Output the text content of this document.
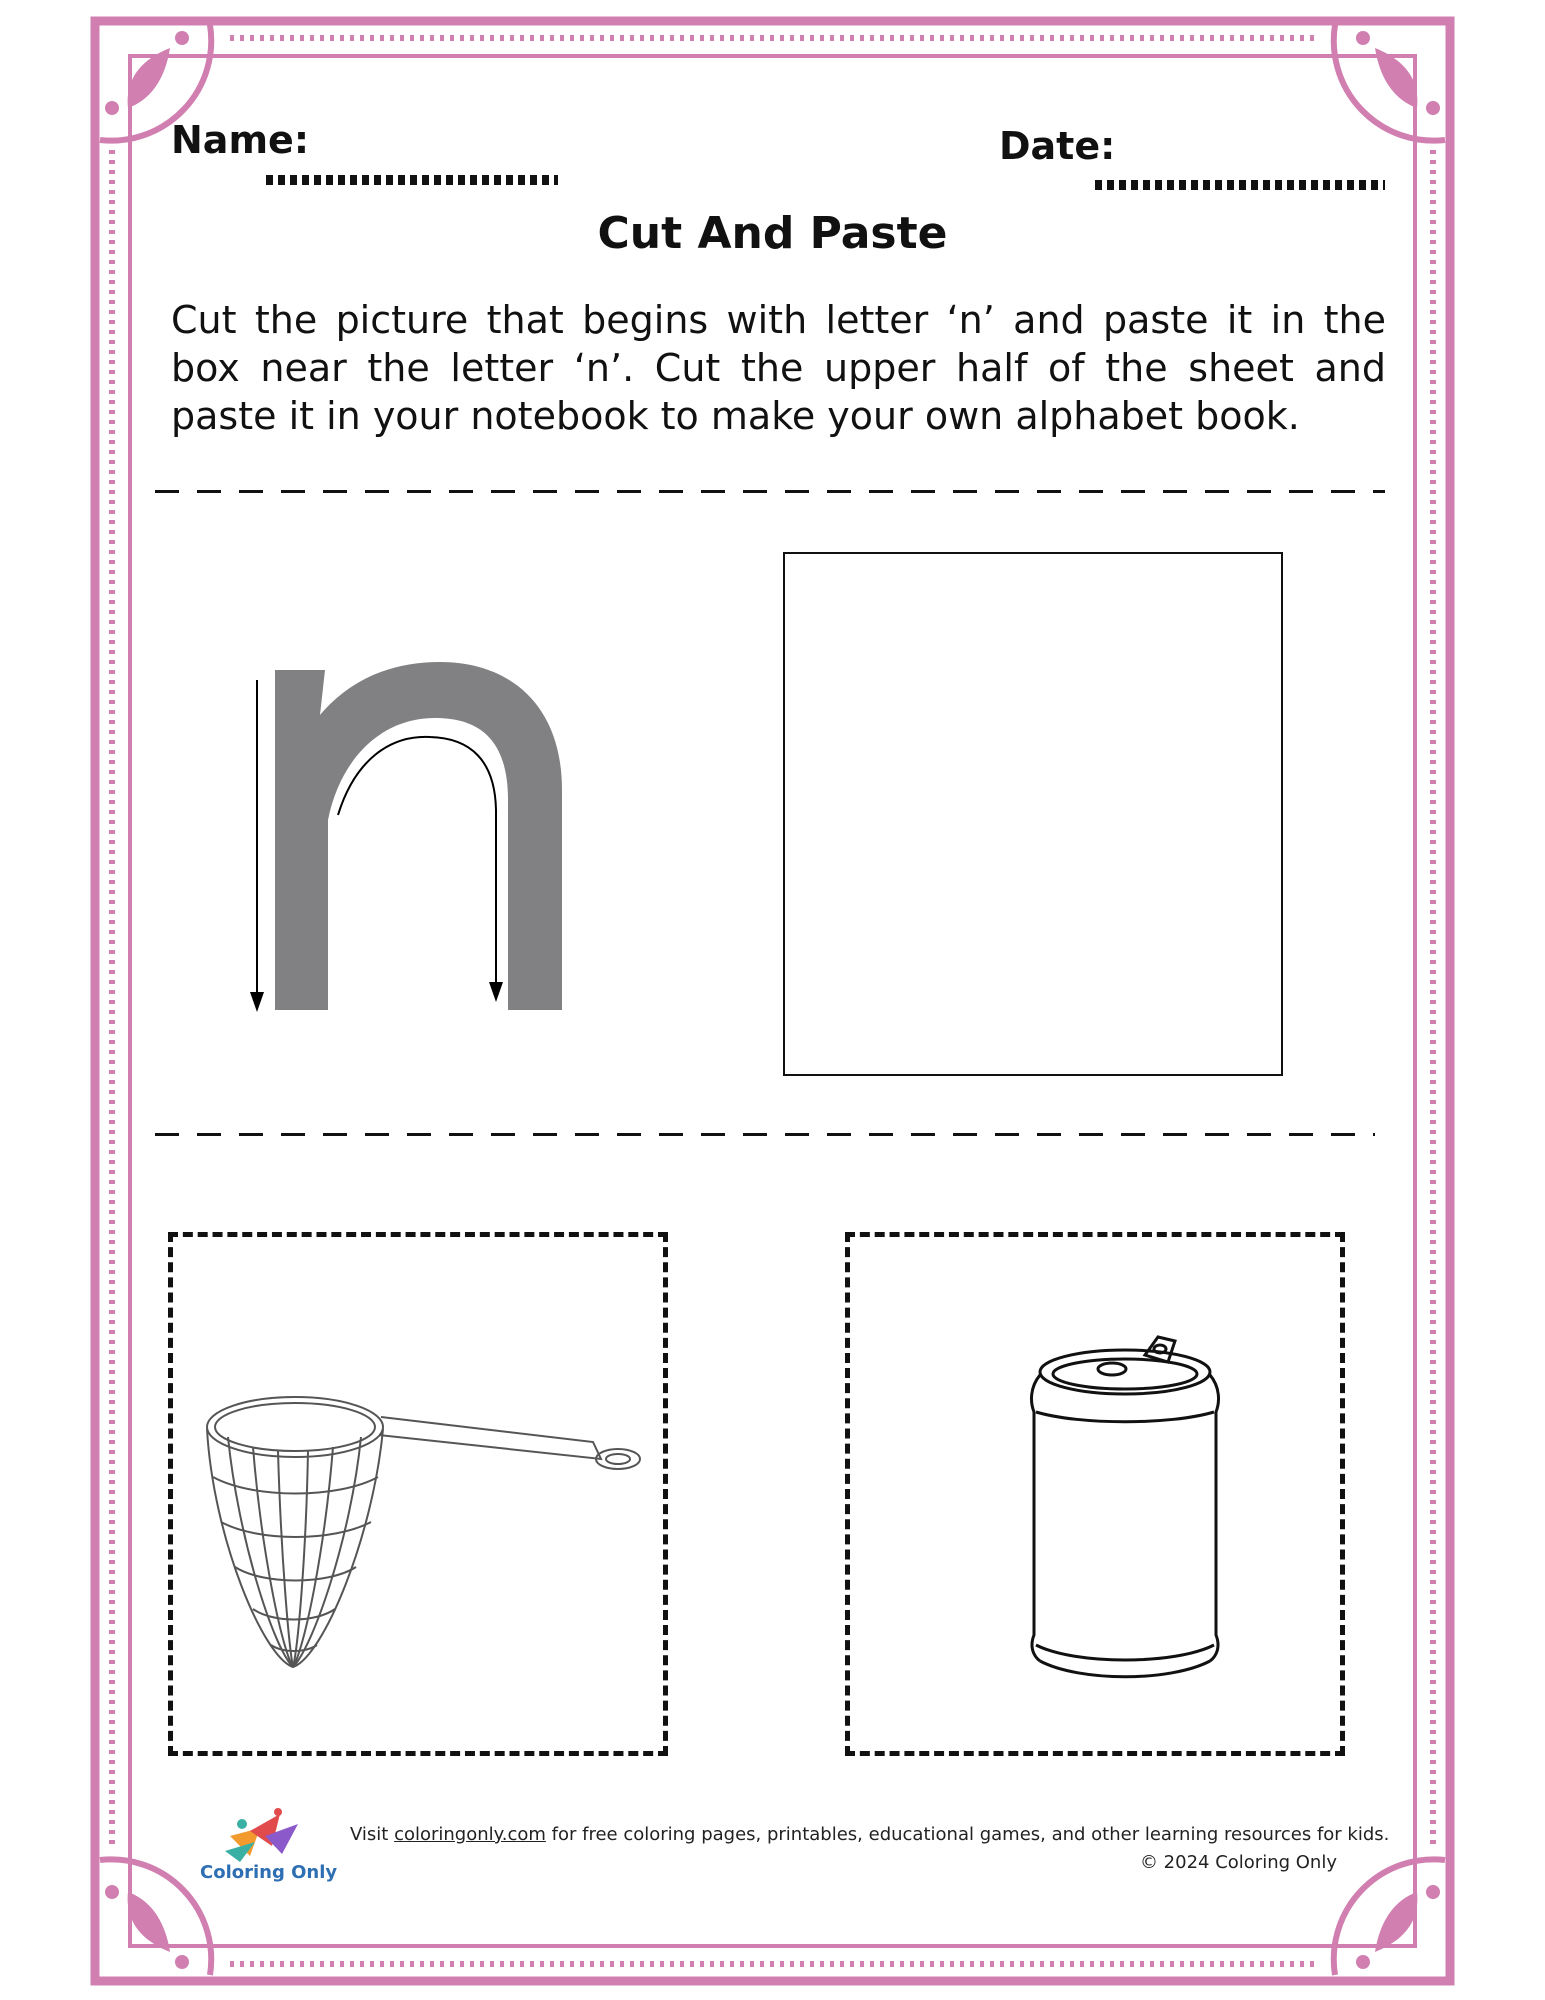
Name:	Date:
Cut And Paste
Cut the picture that begins with letter ‘n’ and paste it in the box near the letter ‘n’. Cut the upper half of the sheet and paste it in your notebook to make your own alphabet book.
Coloring Only
Visit coloringonly.com for free coloring pages, printables, educational games, and other learning resources for kids.
© 2024 Coloring Only
